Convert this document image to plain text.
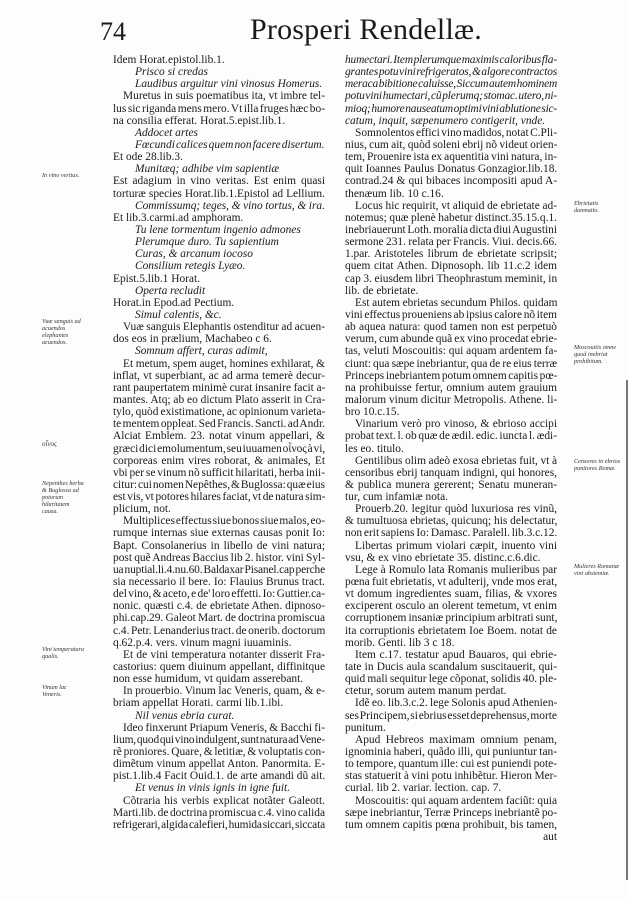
74	Prosperi Rendellæ.
Idem Horat.epistol.lib.1.
Prisco si credas
Laudibus arguitur vini vinosus Homerus.
Muretus in suis poematibus ita, vt imbre tel-
lus sic riganda mens mero. Vt illa fruges hæc bo-
na consilia efferat. Horat.5.epist.lib.1.
Addocet artes
Fœcundi calices quem non facere disertum.
Et ode 28.lib.3.
Munitæq; adhibe vim sapientiæ
Est adagium in vino veritas. Est enim quasi
torturæ species Horat.lib.1.Epistol ad Lellium.
Commissumq; teges, & vino tortus, & ira.
Et lib.3.carmi.ad amphoram.
Tu lene tormentum ingenio admones
Plerumque duro. Tu sapientium
Curas, & arcanum iocoso
Consilium retegis Lyæo.
Epist.5.lib.1 Horat.
Operta recludit
Horat.in Epod.ad Pectium.
Simul calentis, &c.
Vuæ sanguis Elephantis ostenditur ad acuen-
dos eos in prælium, Machabeo c 6.
Somnum affert, curas adimit,
Et metum, spem auget, homines exhilarat, &
inflat, vt superbiant, ac ad arma temerè decur-
rant paupertatem minimè curat insanire facit a-
mantes. Atq; ab eo dictum Plato asserit in Cra-
tylo, quòd existimatione, ac opinionum varieta-
te mentem oppleat. Sed Francis. Sancti. ad Andr.
Alciat Emblem. 23. notat vinum appellari, &
græci dici emolumentum, seu iuuamen οἶνος à vi,
corporeas enim vires roborat, & animales, Et
vbi per se vinum nõ sufficit hilaritati, herba inii-
citur: cui nomen Nepêthes, & Buglossa: quæ eius
est vis, vt potores hilares faciat, vt de natura sim-
plicium, not.
Multiplices effectus siue bonos siue malos, eo-
rumque internas siue externas causas ponit Io:
Bapt. Consolanerius in libello de vini natura;
post quẽ Andreas Baccius lib 2. histor. vini Syl-
ua nuptial.li.4.nu.60. Baldaxar Pisanel.cap perche
sia necessario il bere. Io: Flauius Brunus tract.
del vino, & aceto, e de' loro effetti. Io: Guttier.ca-
nonic. quæsti c.4. de ebrietate Athen. dipnoso-
phi.cap.29. Galeot Mart. de doctrina promiscua
c.4. Petr. Lenanderius tract. de onerib. doctorum
q.62.p.4. vers. vinum magni iuuaminis.
Et de vini temperatura notanter disserit Fra-
castorius: quem diuinum appellant, diffinitque
non esse humidum, vt quidam asserebant.
In prouerbio. Vinum lac Veneris, quam, & e-
briam appellat Horati. carmi lib.1.ibi.
Nil venus ebria curat.
Ideo finxerunt Priapum Veneris, & Bacchi fi-
lium, quod qui vino indulgent, sunt natura ad Vene-
rẽ proniores. Quare, & letitiæ, & voluptatis con-
dimẽtum vinum appellat Anton. Panormita. E-
pist.1.lib.4 Facit Ouid.1. de arte amandi dũ ait.
Et venus in vinis ignis in igne fuit.
Cõtraria his verbis explicat notãter Galeott.
Marti.lib. de doctrina promiscua c.4. vino calida
refrigerari, algida calefieri, humida siccari, siccata
humectari. Item plerumque maximis caloribus fla-
grantes potu vini refrigeratos, & algore contractos
meraca bibitione caluisse, Siccum autem hominem
potu vini humectari, cũ plerumq; stomac. utero, ni-
mioq; humore nauseatum optimi vini ablutione sic-
catum, inquit, sæpenumero contigerit, vnde.
Somnolentos effici vino madidos, notat C.Pli-
nius, cum ait, quòd soleni ebrij nõ videut orien-
tem, Prouenire ista ex aquentitia vini natura, in-
quit Ioannes Paulus Donatus Gonzagior.lib.18.
contrad.24 & qui bibaces incompositi apud A-
thenæum lib. 10 c.16.
Locus hic requirit, vt aliquid de ebrietate ad-
notemus; quæ plenè habetur distinct.35.15.q.1.
inebriauerunt Loth. moralia dicta diui Augustini
sermone 231. relata per Francis. Viui. decis.66.
1.par. Aristoteles librum de ebrietate scripsit;
quem citat Athen. Dipnosoph. lib 11.c.2 idem
cap 3. eiusdem libri Theophrastum meminit, in
lib. de ebrietate.
Est autem ebrietas secundum Philos. quidam
vini effectus proueniens ab ipsius calore nõ item
ab aquea natura: quod tamen non est perpetuò
verum, cum abunde quã ex vino procedat ebrie-
tas, veluti Moscouitis: qui aquam ardentem fa-
ciunt: qua sæpe inebriantur, qua de re eius terræ
Princeps inebriantem potum omnem capitis pœ-
na prohibuisse fertur, omnium autem grauium
malorum vinum dicitur Metropolis. Athene. li-
bro 10.c.15.
Vinarium verò pro vinoso, & ebrioso accipi
probat text. l. ob quæ de ædil. edic. iuncta l. ædi-
les eo. titulo.
Gentilibus olim adeò exosa ebrietas fuit, vt à
censoribus ebrij tanquam indigni, qui honores,
& publica munera gererent; Senatu muneran-
tur, cum infamiæ nota.
Prouerb.20. legitur quòd luxuriosa res vinũ,
& tumultuosa ebrietas, quicunq; his delectatur,
non erit sapiens Io: Damasc. Paralell. lib.3.c.12.
Libertas primum violari cæpit, inuento vini
vsu, & ex vino ebrietate 35. distinc.c.6.dic.
Lege à Romulo lata Romanis mulieribus par
pœna fuit ebrietatis, vt adulterij, vnde mos erat,
vt domum ingredientes suam, filias, & vxores
exciperent osculo an olerent temetum, vt enim
corruptionem insaniæ principium arbitrati sunt,
ita corruptionis ebrietatem Ioe Boem. notat de
morib. Genti. lib 3 c 18.
Item c.17. testatur apud Bauaros, qui ebrie-
tate in Ducis aula scandalum suscitauerit, qui-
quid mali sequitur lege cõponat, solidis 40. ple-
ctetur, sorum autem manum perdat.
Idẽ eo. lib.3.c.2. lege Solonis apud Athenien-
ses Principem, si ebrius esset deprehensus, morte
punitum.
Apud Hebreos maximam omnium penam,
ignominia haberi, quãdo illi, qui puniuntur tan-
to tempore, quantum ille: cui est puniendi pote-
stas statuerit à vini potu inhibẽtur. Hieron Mer-
curial. lib 2. variar. lection. cap. 7.
Moscouitis: qui aquam ardentem faciũt: quia
sæpe inebriantur, Terræ Princeps inebriantẽ po-
tum omnem capitis pœna prohibuit, bis tamen,
aut
In vino veritas.
Vuæ sanguis ad acuendos elephantes acuendos.
οἶνος
Nepenthes herba & Buglossa ad potorum hilaritatem causa.
Vini temperatura qualis.
Vinum lac Veneris.
Ebrietatis damnatio.
Moscouitis omne quod inebriat prohibitum.
Censores in ebrios punitores Romæ.
Mulieres Romanæ vini abstemiæ.
